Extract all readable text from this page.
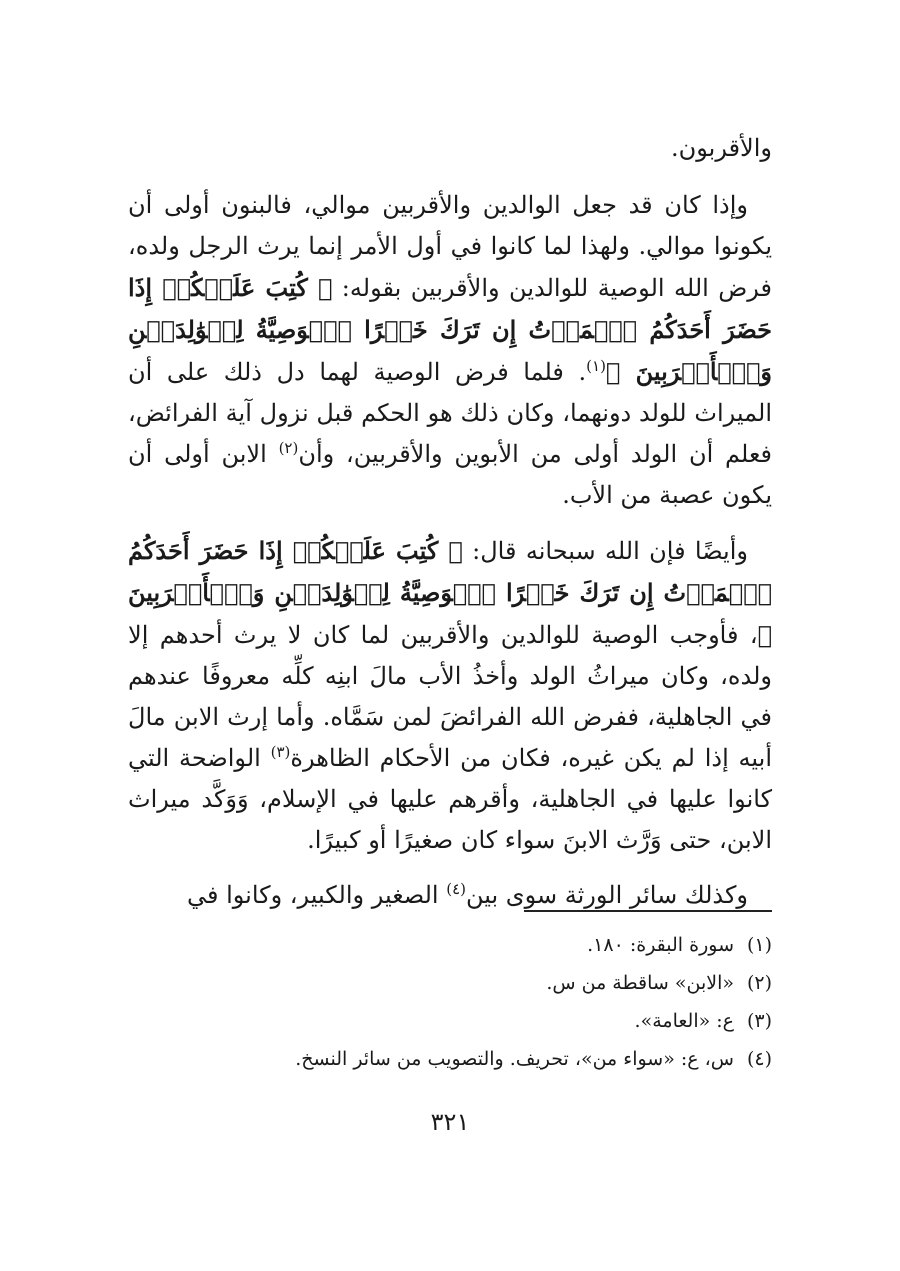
والأقربون.

وإذا كان قد جعل الوالدين والأقربين موالي، فالبنون أولى أن يكونوا موالي. ولهذا لما كانوا في أول الأمر إنما يرث الرجل ولده، فرض الله الوصية للوالدين والأقربين بقوله: ﴿ كُتِبَ عَلَيۡكُمۡ إِذَا حَضَرَ أَحَدَكُمُ ٱلۡمَوۡتُ إِن تَرَكَ خَيۡرًا ٱلۡوَصِيَّةُ لِلۡوَٰلِدَيۡنِ وَٱلۡأَقۡرَبِينَ ﴾$^{(١)}$. فلما فرض الوصية لهما دل ذلك على أن الميراث للولد دونهما، وكان ذلك هو الحكم قبل نزول آية الفرائض، فعلم أن الولد أولى من الأبوين والأقربين، وأن$^{(٢)}$ الابن أولى أن يكون عصبة من الأب.

وأيضًا فإن الله سبحانه قال: ﴿ كُتِبَ عَلَيۡكُمۡ إِذَا حَضَرَ أَحَدَكُمُ ٱلۡمَوۡتُ إِن تَرَكَ خَيۡرًا ٱلۡوَصِيَّةُ لِلۡوَٰلِدَيۡنِ وَٱلۡأَقۡرَبِينَ ﴾، فأوجب الوصية للوالدين والأقربين لما كان لا يرث أحدهم إلا ولده، وكان ميراثُ الولد وأخذُ الأب مالَ ابنِه كلِّه معروفًا عندهم في الجاهلية، ففرض الله الفرائضَ لمن سَمَّاه. وأما إرث الابن مالَ أبيه إذا لم يكن غيره، فكان من الأحكام الظاهرة$^{(٣)}$ الواضحة التي كانوا عليها في الجاهلية، وأقرهم عليها في الإسلام، وَوَكَّد ميراث الابن، حتى وَرَّث الابنَ سواء كان صغيرًا أو كبيرًا.

وكذلك سائر الورثة سوى بين$^{(٤)}$ الصغير والكبير، وكانوا في

(١)سورة البقرة: ١٨٠.
(٢)«الابن» ساقطة من س.
(٣)ع: «العامة».
(٤)س، ع: «سواء من»، تحريف. والتصويب من سائر النسخ.
٣٢١
